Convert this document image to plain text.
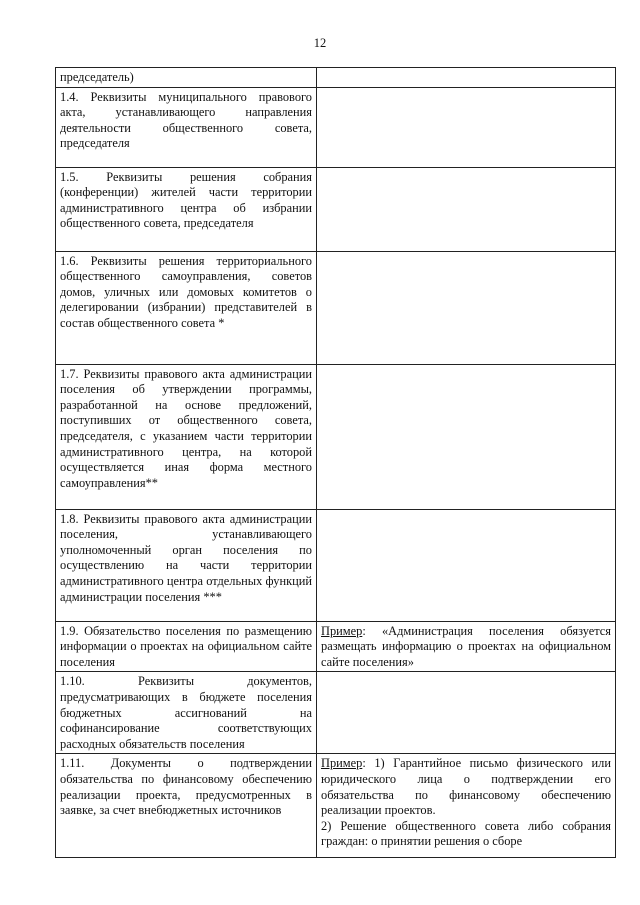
12
председатель)	
1.4. Реквизиты муниципального правового акта, устанавливающего направления деятельности общественного совета, председателя	
1.5. Реквизиты решения собрания (конференции) жителей части территории административного центра об избрании общественного совета, председателя	
1.6. Реквизиты решения территориального общественного самоуправления, советов домов, уличных или домовых комитетов о делегировании (избрании) представителей в состав общественного совета *	
1.7. Реквизиты правового акта администрации поселения об утверждении программы, разработанной на основе предложений, поступивших от общественного совета, председателя, с указанием части территории административного центра, на которой осуществляется иная форма местного самоуправления**	
1.8. Реквизиты правового акта администрации поселения, устанавливающего уполномоченный орган поселения по осуществлению на части территории административного центра отдельных функций администрации поселения ***	
1.9. Обязательство поселения по размещению информации о проектах на официальном сайте поселения	Пример: «Администрация поселения обязуется размещать информацию о проектах на официальном сайте поселения»
1.10. Реквизиты документов, предусматривающих в бюджете поселения бюджетных ассигнований на софинансирование соответствующих расходных обязательств поселения	
1.11. Документы о подтверждении обязательства по финансовому обеспечению реализации проекта, предусмотренных в заявке, за счет внебюджетных источников	Пример: 1) Гарантийное письмо физического или юридического лица о подтверждении его обязательства по финансовому обеспечению реализации проектов.
2) Решение общественного совета либо собрания граждан: о принятии решения о сборе
